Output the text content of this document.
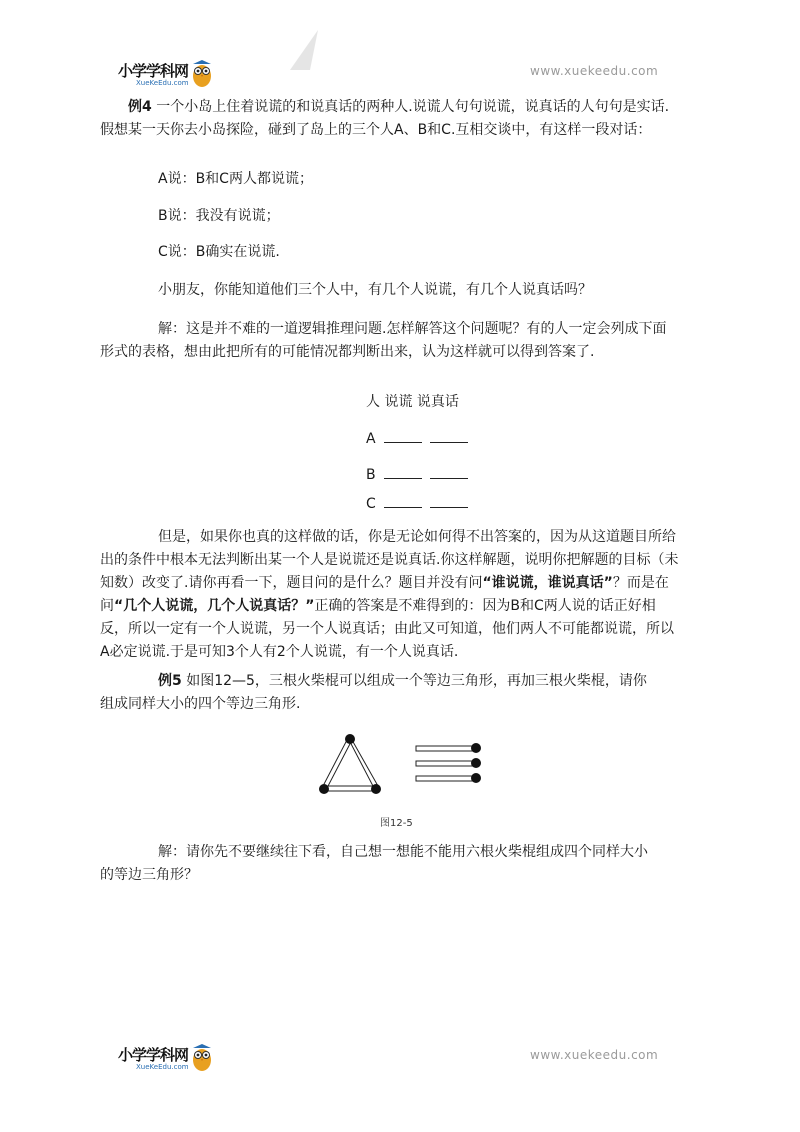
小学学科网
XueKeEdu.com
www.xuekeedu.com
例4 一个小岛上住着说谎的和说真话的两种人.说谎人句句说谎，说真话的人句句是实话.假想某一天你去小岛探险，碰到了岛上的三个人A、B和C.互相交谈中，有这样一段对话：
A说：B和C两人都说谎；
B说：我没有说谎；
C说：B确实在说谎.
小朋友，你能知道他们三个人中，有几个人说谎，有几个人说真话吗？
解：这是并不难的一道逻辑推理问题.怎样解答这个问题呢？有的人一定会列成下面形式的表格，想由此把所有的可能情况都判断出来，认为这样就可以得到答案了.
人 说谎 说真话
A
B
C
但是，如果你也真的这样做的话，你是无论如何得不出答案的，因为从这道题目所给出的条件中根本无法判断出某一个人是说谎还是说真话.你这样解题，说明你把解题的目标（未知数）改变了.请你再看一下，题目问的是什么？题目并没有问“谁说谎，谁说真话”？而是在问“几个人说谎，几个人说真话？”正确的答案是不难得到的：因为B和C两人说的话正好相反，所以一定有一个人说谎，另一个人说真话；由此又可知道，他们两人不可能都说谎，所以A必定说谎.于是可知3个人有2个人说谎，有一个人说真话.
例5 如图12—5，三根火柴棍可以组成一个等边三角形，再加三根火柴棍，请你组成同样大小的四个等边三角形.
图12-5
解：请你先不要继续往下看，自己想一想能不能用六根火柴棍组成四个同样大小的等边三角形？
小学学科网
XueKeEdu.com
www.xuekeedu.com
